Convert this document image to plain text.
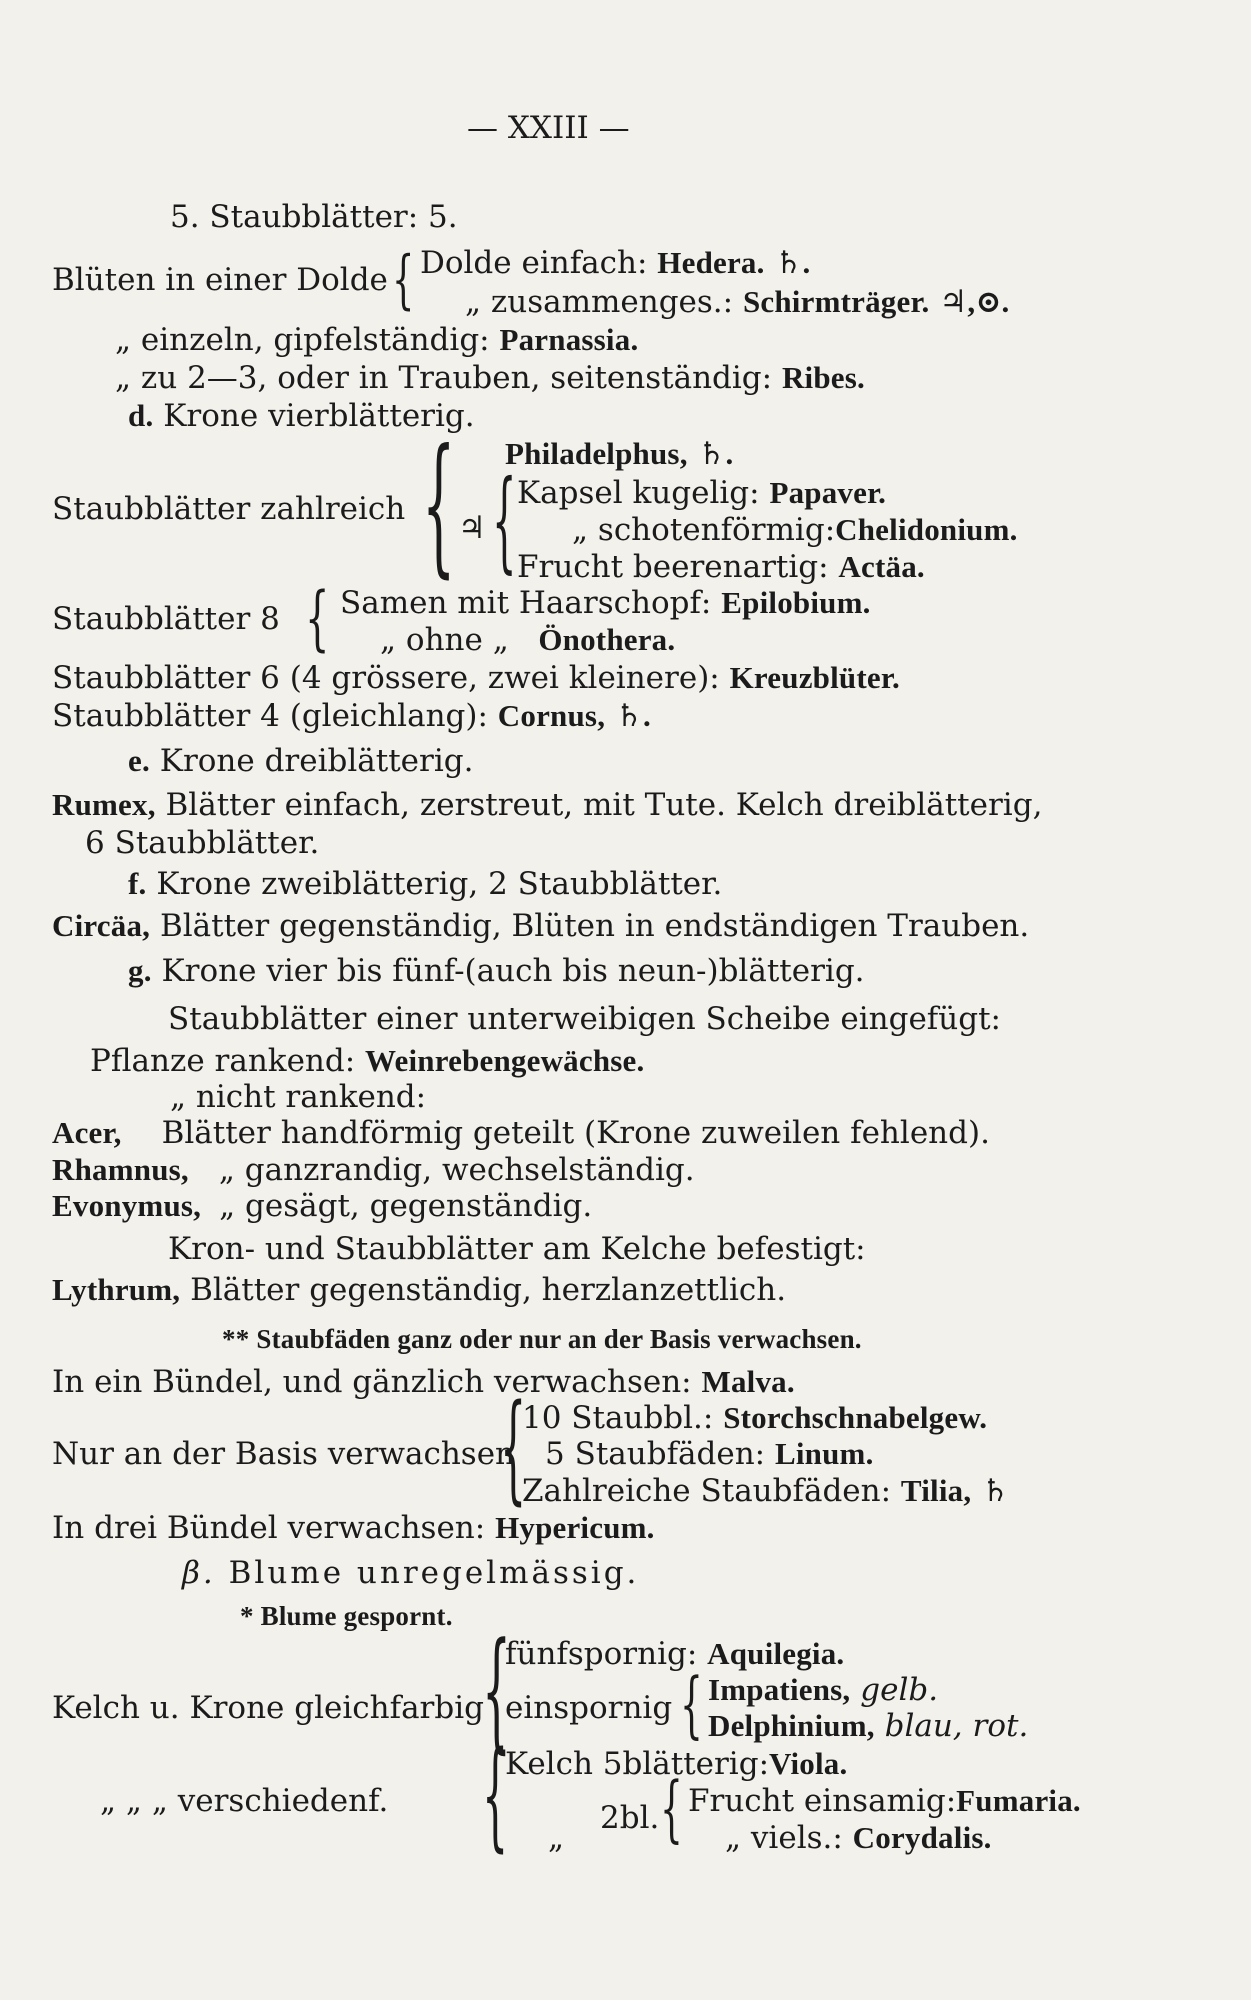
— XXIII —
5. Staubblätter: 5.
Blüten in einer Dolde { Dolde einfach: Hedera. ♄.
„ zusammenges.: Schirmträger. ♃,⊙.
„ einzeln, gipfelständig: Parnassia.
„ zu 2—3, oder in Trauben, seitenständig: Ribes.
d. Krone vierblätterig.
Philadelphus, ♄.
Staubblätter zahlreich { ♃ { Kapsel kugelig: Papaver.
„ schotenförmig:Chelidonium.
Frucht beerenartig: Actäa.
Staubblätter 8 { Samen mit Haarschopf: Epilobium.
„ ohne „ Önothera.
Staubblätter 6 (4 grössere, zwei kleinere): Kreuzblüter.
Staubblätter 4 (gleichlang): Cornus, ♄.
e. Krone dreiblätterig.
Rumex, Blätter einfach, zerstreut, mit Tute. Kelch dreiblätterig,
6 Staubblätter.
f. Krone zweiblätterig, 2 Staubblätter.
Circäa, Blätter gegenständig, Blüten in endständigen Trauben.
g. Krone vier bis fünf-(auch bis neun-)blätterig.
Staubblätter einer unterweibigen Scheibe eingefügt:
Pflanze rankend: Weinrebengewächse.
„ nicht rankend:
Acer, Blätter handförmig geteilt (Krone zuweilen fehlend).
Rhamnus, „ ganzrandig, wechselständig.
Evonymus, „ gesägt, gegenständig.
Kron- und Staubblätter am Kelche befestigt:
Lythrum, Blätter gegenständig, herzlanzettlich.
** Staubfäden ganz oder nur an der Basis verwachsen.
In ein Bündel, und gänzlich verwachsen: Malva.
10 Staubbl.: Storchschnabelgew.
Nur an der Basis verwachsen
{ 5 Staubfäden: Linum.
Zahlreiche Staubfäden: Tilia, ♄
In drei Bündel verwachsen: Hypericum.
β. Blume unregelmässig.
* Blume gespornt.
fünfspornig: Aquilegia.
Kelch u. Krone gleichfarbig
{
einspornig { Impatiens, gelb.
Delphinium, blau, rot.
Kelch 5blätterig:Viola.
„ „ „ verschiedenf. { „
2bl. { Frucht einsamig:Fumaria.
„ viels.: Corydalis.
